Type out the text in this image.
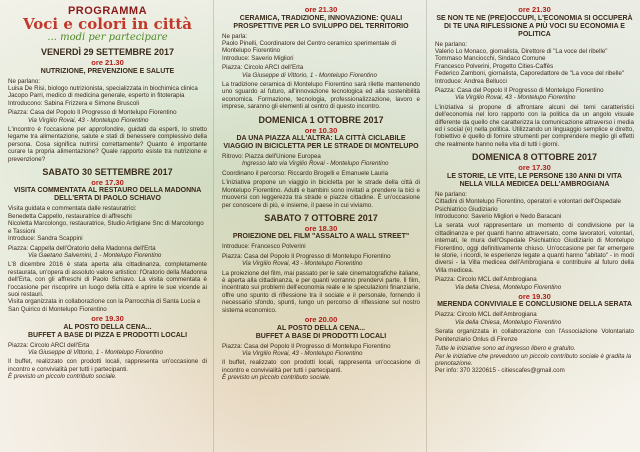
PROGRAMMA
Voci e colori in città
... modi per partecipare
VENERDÌ 29 SETTEMBRE 2017
ore 21.30
NUTRIZIONE, PREVENZIONE E SALUTE
Ne parlano:
Luisa De Risi, biologo nutrizionista, specializzata in biochimica clinica
Jacopo Parri, medico di medicina generale, esperto in fitoterapia
Introducono: Sabina Frizzera e Simone Bruscoli
Piazza: Casa del Popolo Il Progresso di Montelupo Fiorentino
Via Virgilio Rovai, 43 - Montelupo Fiorentino
L'incontro è l'occasione per approfondire, guidati da esperti, lo stretto legame tra alimentazione, salute e stati di benessere complessivo della persona. Cosa significa nutrirsi correttamente? Quanto è importante curare la propria alimentazione? Quale rapporto esiste tra nutrizione e prevenzione?
SABATO 30 SETTEMBRE 2017
ore 17.30
VISITA COMMENTATA AL RESTAURO DELLA MADONNA DELL'ERTA DI PAOLO SCHIAVO
Visita guidata e commentata dalle restauratrici:
Benedetta Cappello, restauratrice di affreschi
Nicoletta Marcolongo, restauratrice, Studio Artigiane Snc di Marcolongo e Tassioni
Introduce: Sandra Scappini
Piazza: Cappella dell'Oratorio della Madonna dell'Erta
Via Gaetano Salvemini, 1 - Montelupo Fiorentino
L'8 dicembre 2016 è stata aperta alla cittadinanza, completamente restaurata, un'opera di assoluto valore artistico: l'Oratorio della Madonna dell'Erta, con gli affreschi di Paolo Schiavo. La visita commentata è l'occasione per riscoprire un luogo della città e aprire le sue vicende ai suoi restauri.
Visita organizzata in collaborazione con la Parrocchia di Santa Lucia e San Quirico di Montelupo Fiorentino
ore 19.30
AL POSTO DELLA CENA...
BUFFET A BASE DI PIZZA E PRODOTTI LOCALI
Piazza: Circolo ARCI dell'Erta
Via Giuseppe di Vittorio, 1 - Montelupo Fiorentino
Il buffet, realizzato con prodotti locali, rappresenta un'occasione di incontro e convivialità per tutti i partecipanti.
È previsto un piccolo contributo sociale.
ore 21.30
CERAMICA, TRADIZIONE, INNOVAZIONE: QUALI PROSPETTIVE PER LO SVILUPPO DEL TERRITORIO
Ne parla:
Paolo Pinelli, Coordinatore del Centro ceramico sperimentale di Montelupo Fiorentino
Introduce: Saverio Migliori
Piazza: Circolo ARCI dell'Erta
Via Giuseppe di Vittorio, 1 - Montelupo Fiorentino
La tradizione ceramica di Montelupo Fiorentino sarà rilette mantenendo uno sguardo al futuro, all'innovazione tecnologica ed alla sostenibilità economica. Formazione, tecnologia, professionalizzazione, lavoro e imprese, saranno gli elementi al centro di questo incontro.
DOMENICA 1 OTTOBRE 2017
ore 10.30
DA UNA PIAZZA ALL'ALTRA: LA CITTÀ CICLABILE VIAGGIO IN BICICLETTA PER LE STRADE DI MONTELUPO
Ritrovo: Piazza dell'Unione Europea
Ingresso lato via Virgilio Rovai - Montelupo Fiorentino
Coordinano il percorso: Riccardo Brogelli e Emanuele Lauria
L'iniziativa propone un viaggio in bicicletta per le strade della città di Montelupo Fiorentino. Adulti e bambini sono invitati a prendere la bici e muoversi con leggerezza tra strade e piazze cittadine. È un'occasione per conoscere di più, e insieme, il paese in cui viviamo.
SABATO 7 OTTOBRE 2017
ore 18.30
PROIEZIONE DEL FILM "ASSALTO A WALL STREET"
Introduce: Francesco Polverini
Piazza: Casa del Popolo Il Progresso di Montelupo Fiorentino
Via Virgilio Rovai, 43 - Montelupo Fiorentino
La proiezione del film, mai passato per le sale cinematografiche italiane, è aperta alla cittadinanza, e per quanti vorranno prendervi parte. Il film, incentrato sui problemi dell'economia reale e le speculazioni finanziarie, offre uno spunto di riflessione tra il sociale e il personale, fornendo il necessario sfondo, spunti, lungo un percorso di riflessione sul nostro sistema economico.
ore 20.00
AL POSTO DELLA CENA...
BUFFET A BASE DI PRODOTTI LOCALI
Piazza: Casa del Popolo Il Progresso di Montelupo Fiorentino
Via Virgilio Rovai, 43 - Montelupo Fiorentino
Il buffet, realizzato con prodotti locali, rappresenta un'occasione di incontro e convivialità per tutti i partecipanti.
È previsto un piccolo contributo sociale.
ore 21.30
SE NON TE NE (PRE)OCCUPI, L'ECONOMIA SI OCCUPERÀ DI TE UNA RIFLESSIONE A PIÙ VOCI SU ECONOMIA E POLITICA
Ne parlano:
Valerio Lo Monaco, giornalista, Direttore di "La voce del ribelle"
Tommaso Manciocchi, Sindaco Comune
Francesco Polverini, Progetto Cities-Caffès
Federico Zamboni, giornalista, Caporedattore de "La voce del ribelle"
Introduce: Andrea Bellucci
Piazza: Casa del Popolo Il Progresso di Montelupo Fiorentino
Via Virgilio Rovai, 43 - Montelupo Fiorentino
L'iniziativa si propone di affrontare alcuni dei temi caratteristici dell'economia nel loro rapporto con la politica da un angolo visuale differente da quello che caratterizza la comunicazione attraverso i media ed i social (e) nella politica. Utilizzando un linguaggio semplice e diretto, l'obiettivo è quello di fornire strumenti per comprendere meglio gli effetti che realmente hanno nella vita di tutti i giorni.
DOMENICA 8 OTTOBRE 2017
ore 17.30
LE STORIE, LE VITE, LE PERSONE 130 ANNI DI VITA NELLA VILLA MEDICEA DELL'AMBROGIANA
Ne parlano:
Cittadini di Montelupo Fiorentino, operatori e volontari dell'Ospedale Psichiatrico Giudiziario
Introducono: Saverio Migliori e Nedo Baracani
La serata vuol rappresentare un momento di condivisione per la cittadinanza e per quanti hanno attraversato, come lavoratori, volontari, internati, le mura dell'Ospedale Psichiatrico Giudiziario di Montelupo Fiorentino, oggi definitivamente chiuso. Un'occasione per far emergere le storie, i ricordi, le esperienze legate a quanti hanno "abitato" - in modi diversi - la Villa medicea dell'Ambrogiana e contribuire al futuro della Villa medicea.
Piazza: Circolo MCL dell'Ambrogiana
Via della Chiesa, Montelupo Fiorentino
ore 19.30
MERENDA CONVIVIALE E CONCLUSIONE DELLA SERATA
Piazza: Circolo MCL dell'Ambrogiana
Via della Chiesa, Montelupo Fiorentino
Serata organizzata in collaborazione con l'Associazione Volontariato Penitenziario Onlus di Firenze
Tutte le iniziative sono ad ingresso libero e gratuito.
Per le iniziative che prevedono un piccolo contributo sociale è gradita la prenotazione.
Per info: 370 3220615 - citiescafes@gmail.com
